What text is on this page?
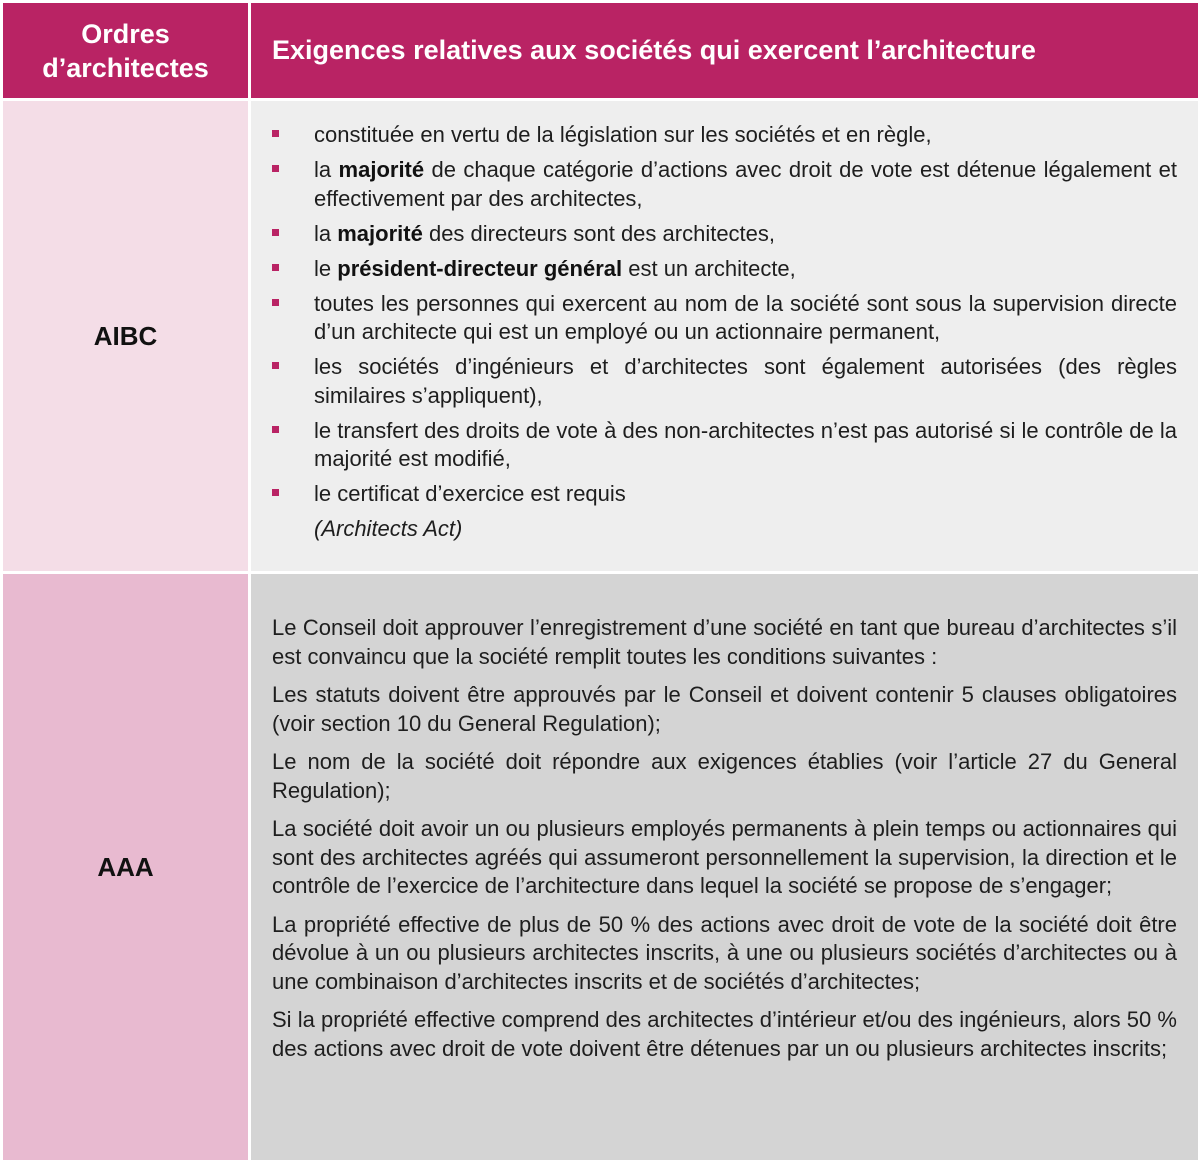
Ordres d’architectes
Exigences relatives aux sociétés qui exercent l’architecture
AIBC
constituée en vertu de la législation sur les sociétés et en règle,
la majorité de chaque catégorie d’actions avec droit de vote est détenue légalement et effectivement par des architectes,
la majorité des directeurs sont des architectes,
le président-directeur général est un architecte,
toutes les personnes qui exercent au nom de la société sont sous la supervision directe d’un architecte qui est un employé ou un actionnaire permanent,
les sociétés d’ingénieurs et d’architectes sont également autorisées (des règles similaires s’appliquent),
le transfert des droits de vote à des non-architectes n’est pas autorisé si le contrôle de la majorité est modifié,
le certificat d’exercice est requis
(Architects Act)
AAA

Le Conseil doit approuver l’enregistrement d’une société en tant que bureau d’architectes s’il est convaincu que la société remplit toutes les conditions suivantes :

Les statuts doivent être approuvés par le Conseil et doivent contenir 5 clauses obligatoires (voir section 10 du General Regulation);

Le nom de la société doit répondre aux exigences établies (voir l’article 27 du General Regulation);

La société doit avoir un ou plusieurs employés permanents à plein temps ou actionnaires qui sont des architectes agréés qui assumeront personnellement la supervision, la direction et le contrôle de l’exercice de l’architecture dans lequel la société se propose de s’engager;

La propriété effective de plus de 50 % des actions avec droit de vote de la société doit être dévolue à un ou plusieurs architectes inscrits, à une ou plusieurs sociétés d’architectes ou à une combinaison d’architectes inscrits et de sociétés d’architectes;

Si la propriété effective comprend des architectes d’intérieur et/ou des ingénieurs, alors 50 % des actions avec droit de vote doivent être détenues par un ou plusieurs architectes inscrits;
